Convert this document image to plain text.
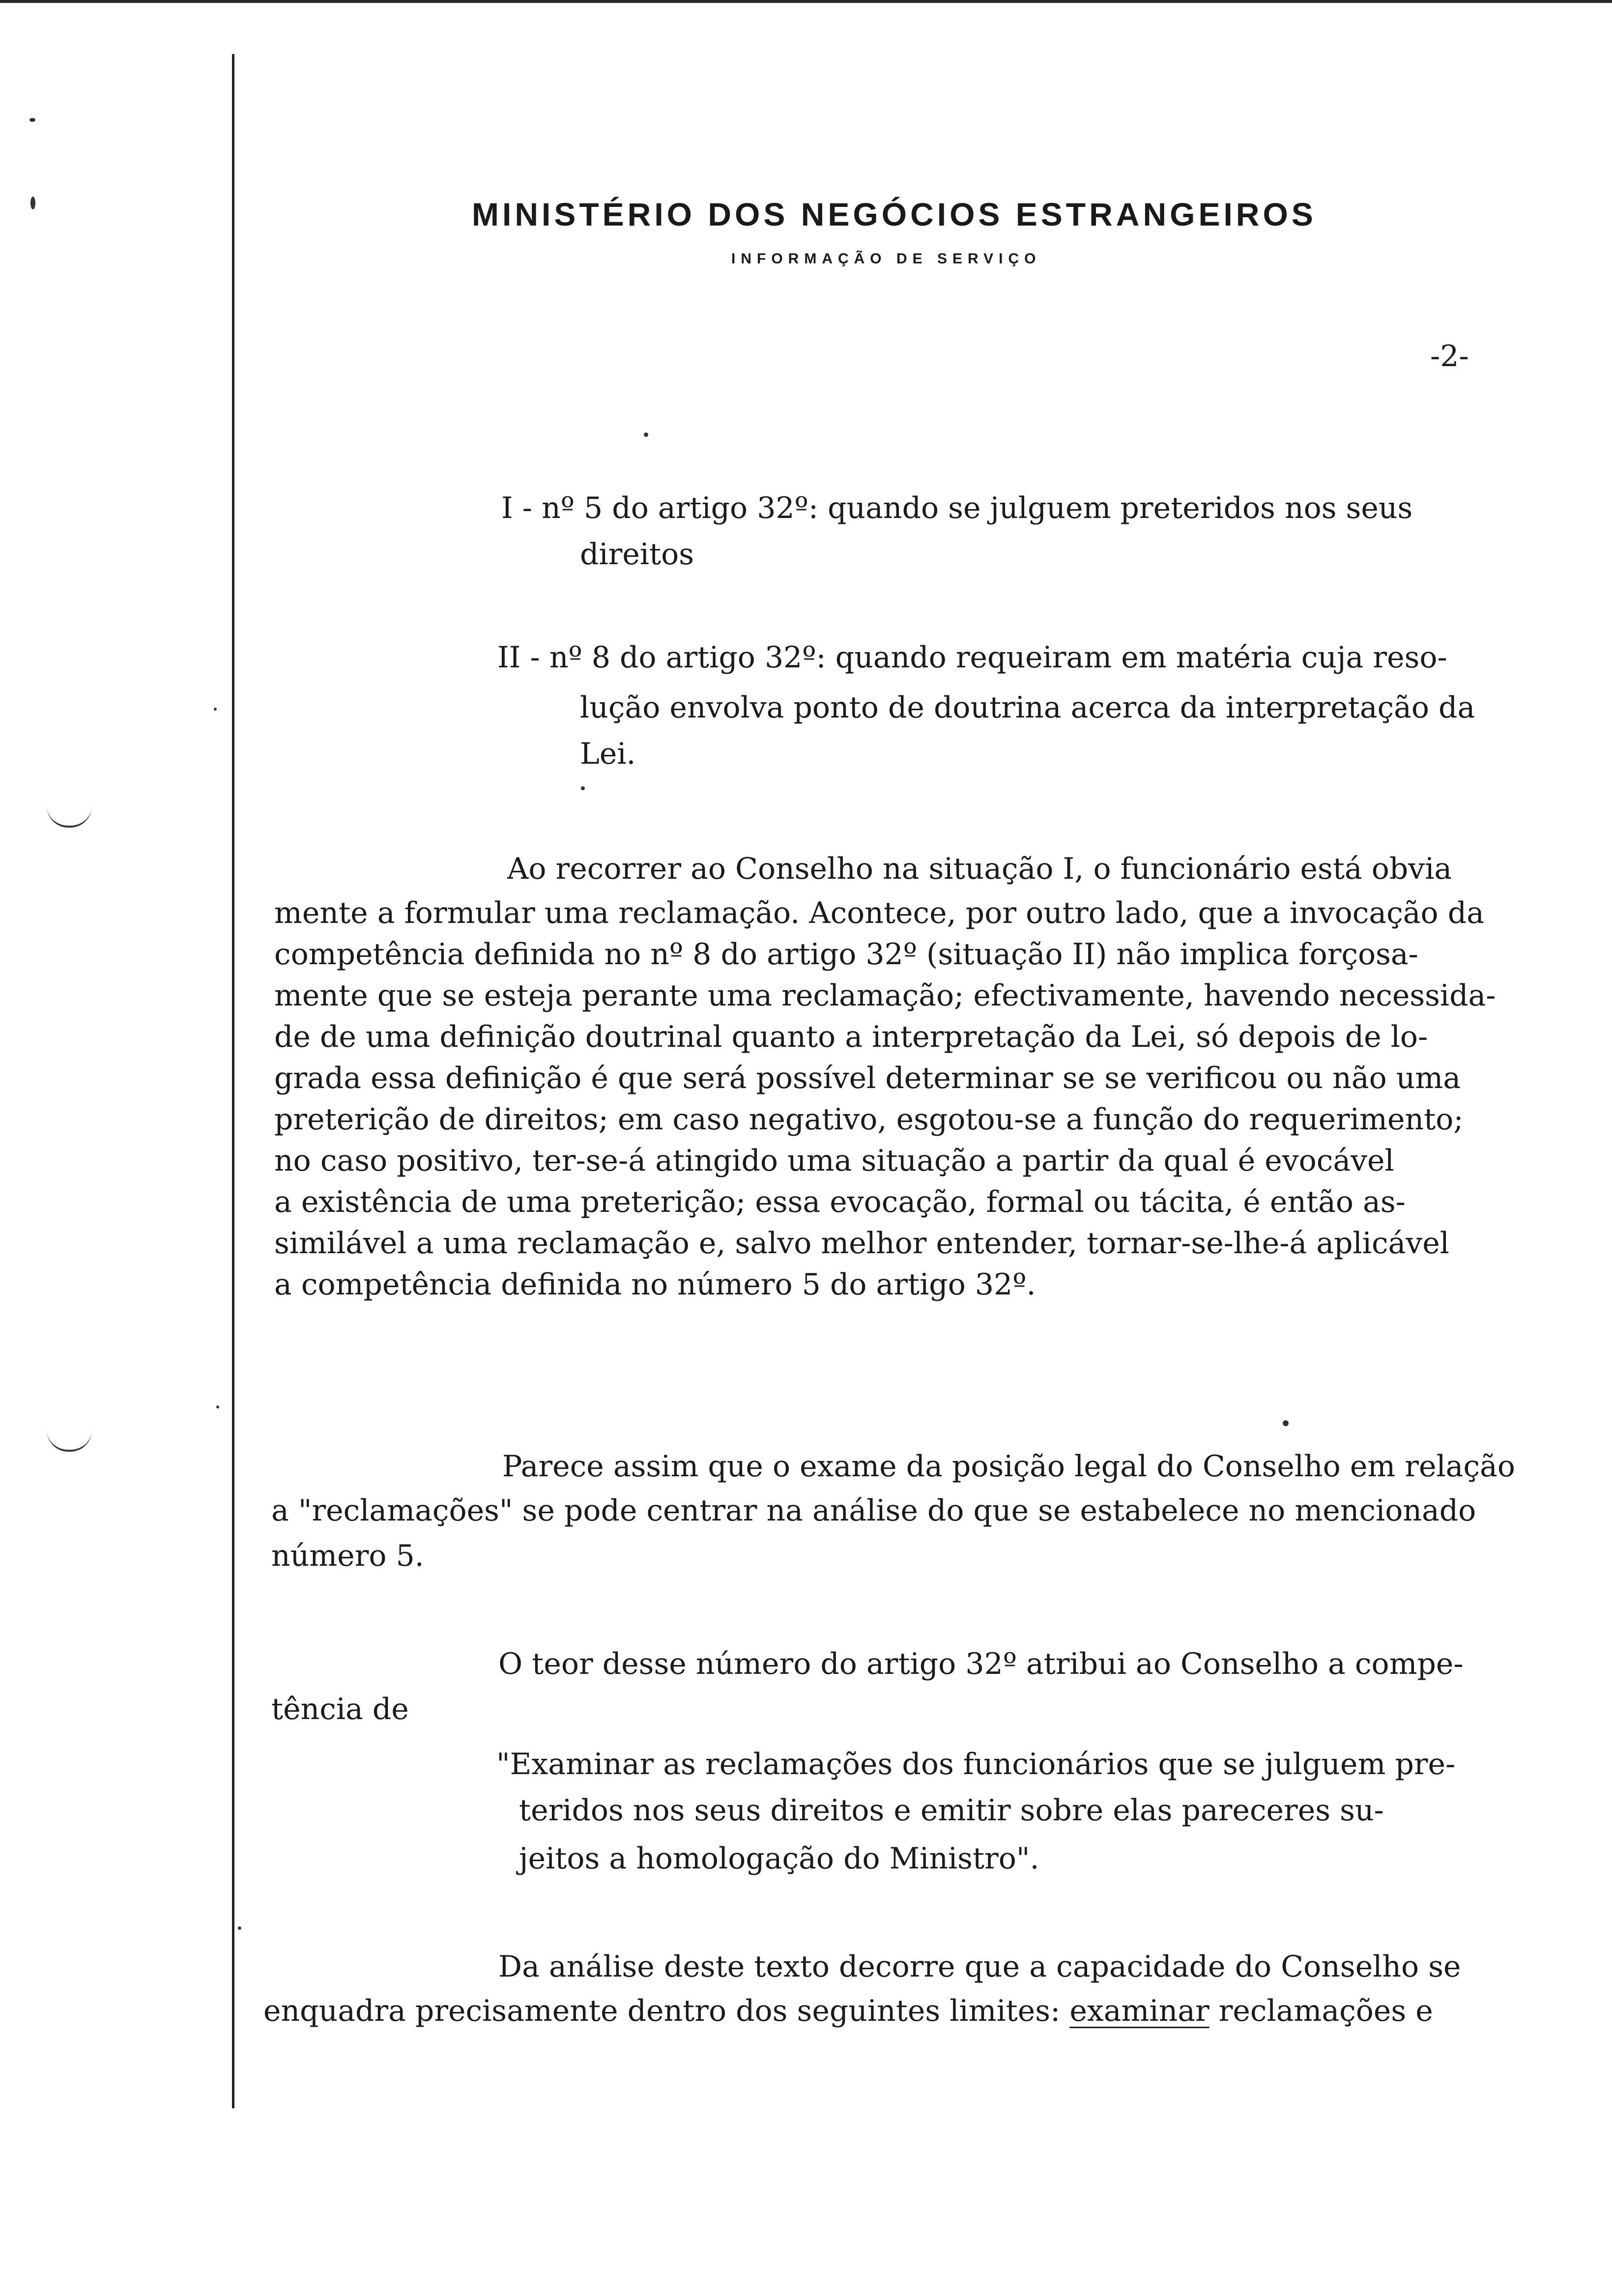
MINISTÉRIO DOS NEGÓCIOS ESTRANGEIROS
INFORMAÇÃO DE SERVIÇO
-2-
I - nº 5 do artigo 32º: quando se julguem preteridos nos seus
direitos
II - nº 8 do artigo 32º: quando requeiram em matéria cuja reso-
lução envolva ponto de doutrina acerca da interpretação da
Lei.
Ao recorrer ao Conselho na situação I, o funcionário está obvia
mente a formular uma reclamação. Acontece, por outro lado, que a invocação da
competência definida no nº 8 do artigo 32º (situação II) não implica forçosa-
mente que se esteja perante uma reclamação; efectivamente, havendo necessida-
de de uma definição doutrinal quanto a interpretação da Lei, só depois de lo-
grada essa definição é que será possível determinar se se verificou ou não uma
preterição de direitos; em caso negativo, esgotou-se a função do requerimento;
no caso positivo, ter-se-á atingido uma situação a partir da qual é evocável
a existência de uma preterição; essa evocação, formal ou tácita, é então as-
similável a uma reclamação e, salvo melhor entender, tornar-se-lhe-á aplicável
a competência definida no número 5 do artigo 32º.
Parece assim que o exame da posição legal do Conselho em relação
a "reclamações" se pode centrar na análise do que se estabelece no mencionado
número 5.
O teor desse número do artigo 32º atribui ao Conselho a compe-
tência de
"Examinar as reclamações dos funcionários que se julguem pre-
teridos nos seus direitos e emitir sobre elas pareceres su-
jeitos a homologação do Ministro".
Da análise deste texto decorre que a capacidade do Conselho se
enquadra precisamente dentro dos seguintes limites: examinar reclamações e
